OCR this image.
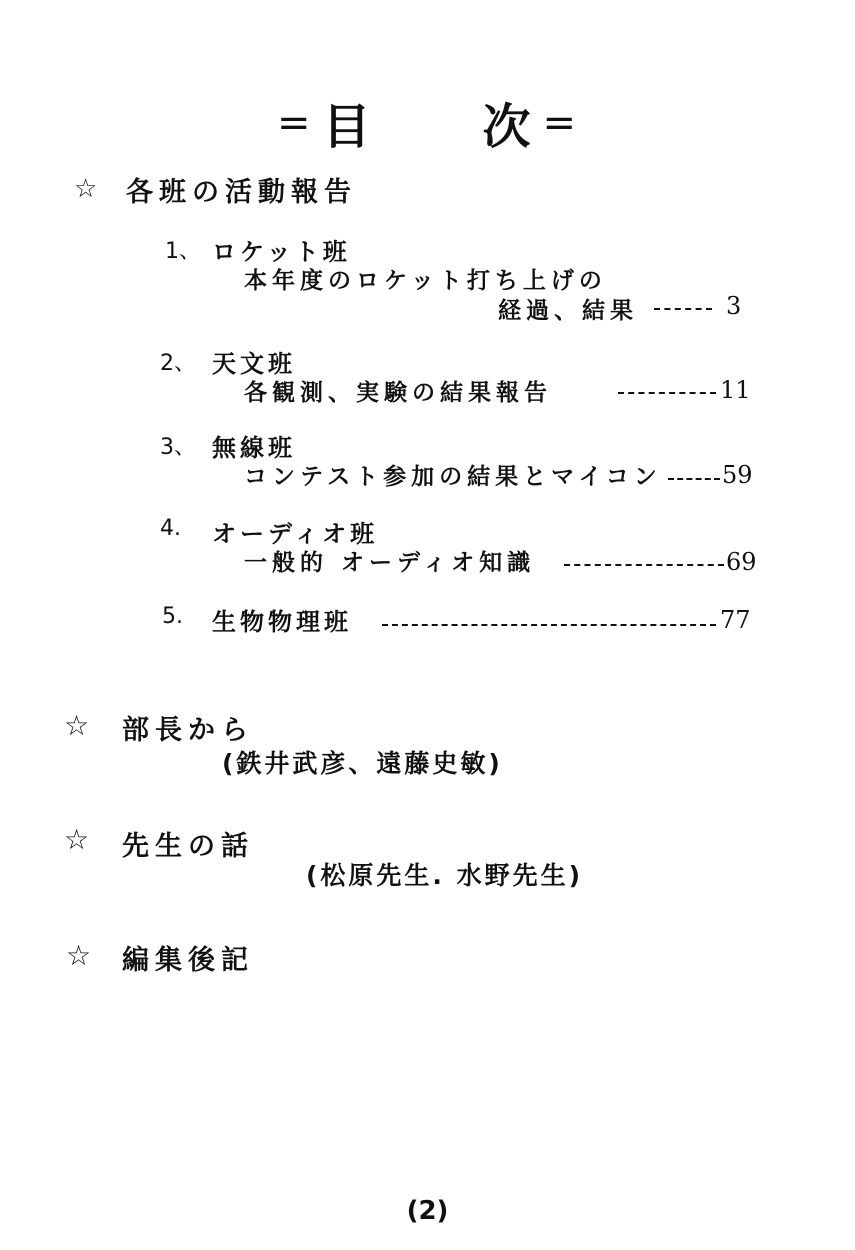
= 目 次 =
☆ 各班の活動報告
1、 ロケット班
本年度のロケット打ち上げの
経過、結果	3
2、 天文班
各観測、実験の結果報告	11
3、 無線班
コンテスト参加の結果とマイコン	59
4. オーディオ班
一般的 オーディオ知識	69
5. 生物物理班	77
☆ 部長から
(鉄井武彦、遠藤史敏)
☆ 先生の話
(松原先生. 水野先生)
☆ 編集後記
(2)
